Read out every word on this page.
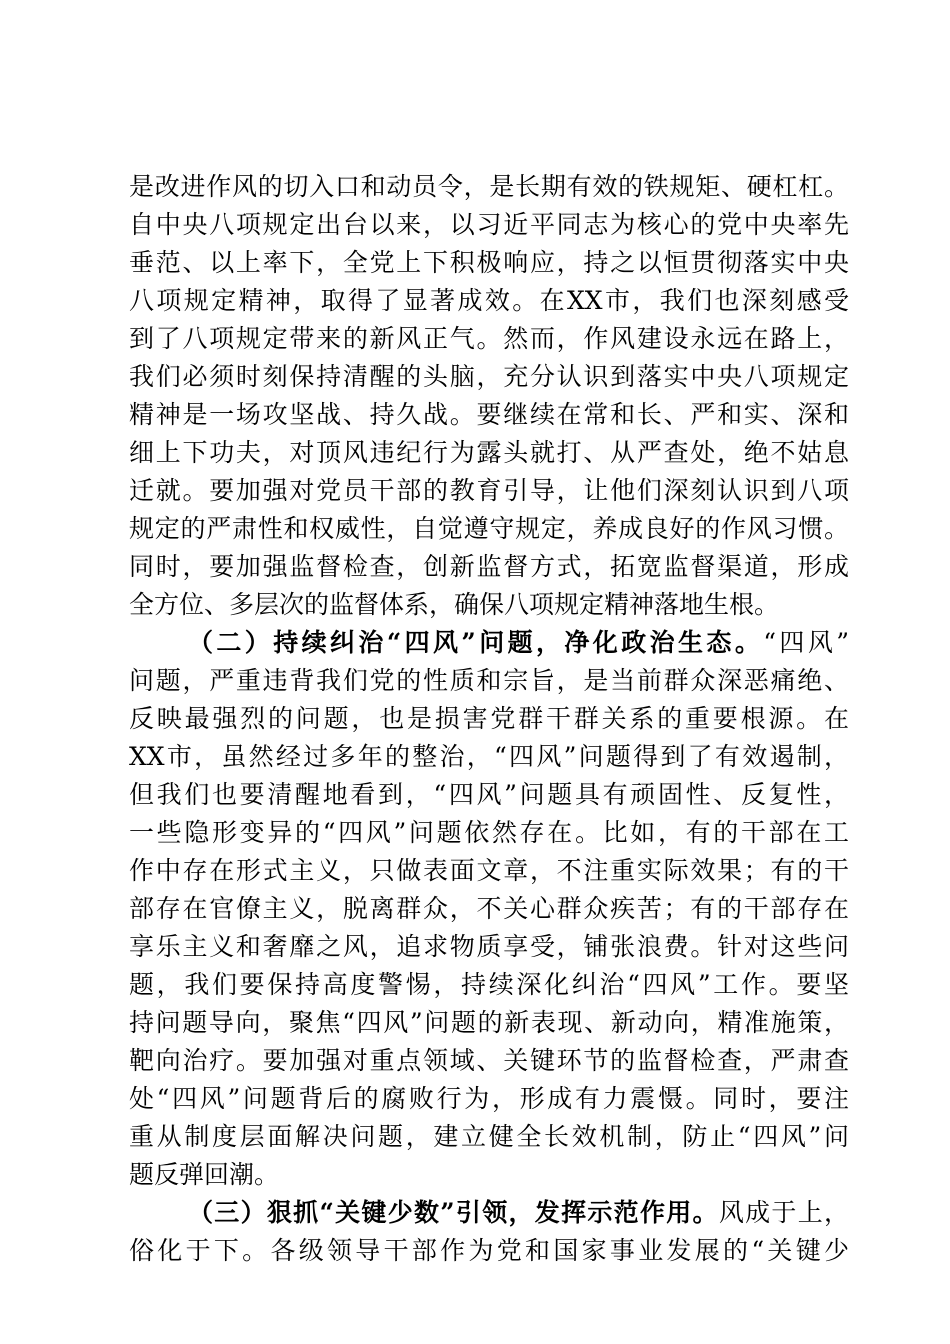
是改进作风的切入口和动员令，是长期有效的铁规矩、硬杠杠。
自中央八项规定出台以来，以习近平同志为核心的党中央率先
垂范、以上率下，全党上下积极响应，持之以恒贯彻落实中央
八项规定精神，取得了显著成效。在XX市，我们也深刻感受
到了八项规定带来的新风正气。然而，作风建设永远在路上，
我们必须时刻保持清醒的头脑，充分认识到落实中央八项规定
精神是一场攻坚战、持久战。要继续在常和长、严和实、深和
细上下功夫，对顶风违纪行为露头就打、从严查处，绝不姑息
迁就。要加强对党员干部的教育引导，让他们深刻认识到八项
规定的严肃性和权威性，自觉遵守规定，养成良好的作风习惯。
同时，要加强监督检查，创新监督方式，拓宽监督渠道，形成
全方位、多层次的监督体系，确保八项规定精神落地生根。
（二）持续纠治“四风”问题，净化政治生态。“四风”
问题，严重违背我们党的性质和宗旨，是当前群众深恶痛绝、
反映最强烈的问题，也是损害党群干群关系的重要根源。在
XX市，虽然经过多年的整治，“四风”问题得到了有效遏制，
但我们也要清醒地看到，“四风”问题具有顽固性、反复性，
一些隐形变异的“四风”问题依然存在。比如，有的干部在工
作中存在形式主义，只做表面文章，不注重实际效果；有的干
部存在官僚主义，脱离群众，不关心群众疾苦；有的干部存在
享乐主义和奢靡之风，追求物质享受，铺张浪费。针对这些问
题，我们要保持高度警惕，持续深化纠治“四风”工作。要坚
持问题导向，聚焦“四风”问题的新表现、新动向，精准施策，
靶向治疗。要加强对重点领域、关键环节的监督检查，严肃查
处“四风”问题背后的腐败行为，形成有力震慑。同时，要注
重从制度层面解决问题，建立健全长效机制，防止“四风”问
题反弹回潮。
（三）狠抓“关键少数”引领，发挥示范作用。风成于上，
俗化于下。各级领导干部作为党和国家事业发展的“关键少
